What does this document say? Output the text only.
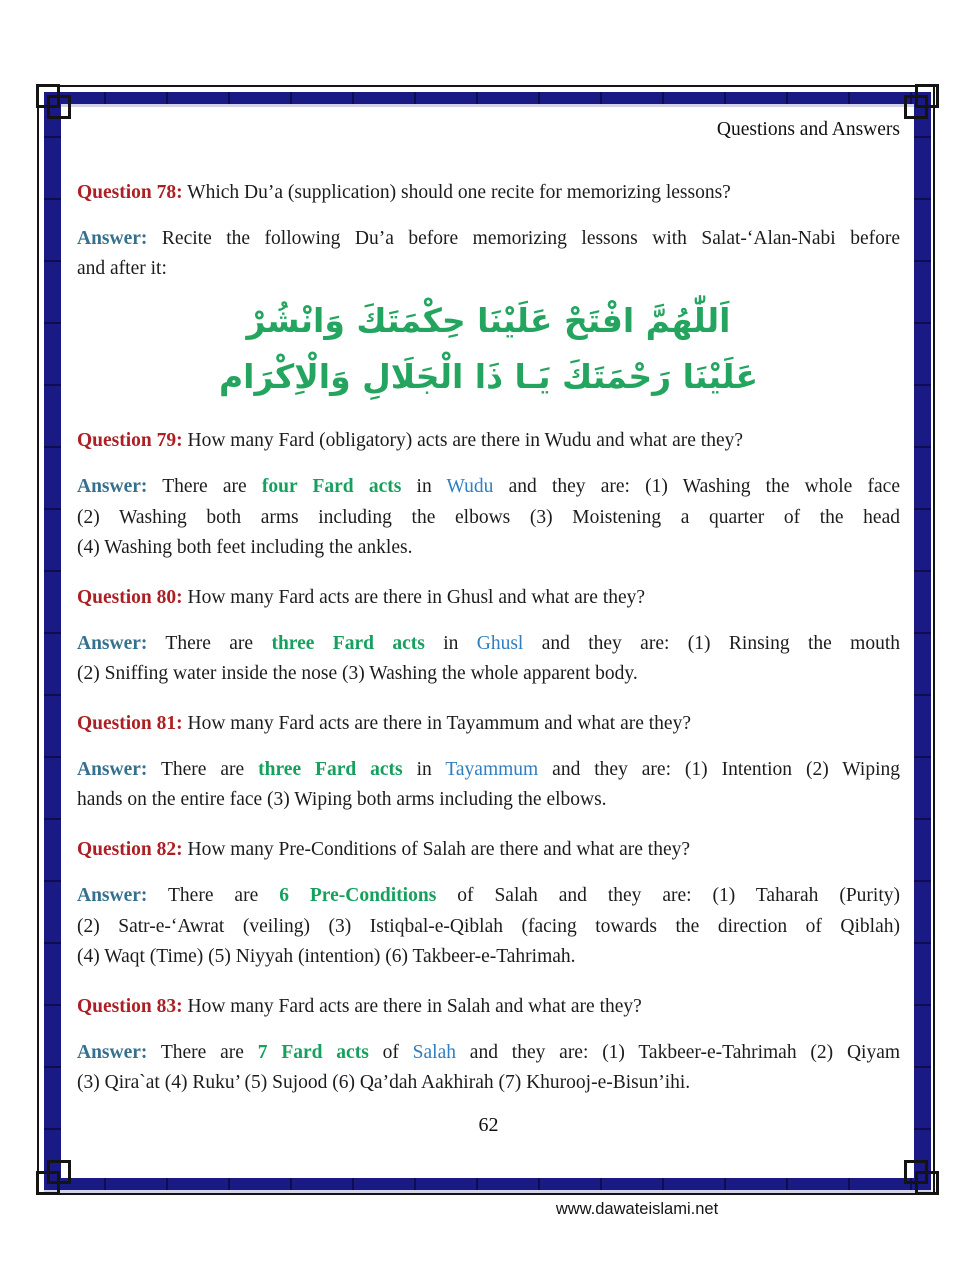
Questions and Answers
Question 78: Which Du’a (supplication) should one recite for memorizing lessons?
Answer: Recite the following Du’a before memorizing lessons with Salat-‘Alan-Nabi before
and after it:
اَللّٰهُمَّ افْتَحْ عَلَيْنَا حِكْمَتَكَ وَانْشُرْ
عَلَيْنَا رَحْمَتَكَ يَـا ذَا الْجَلَالِ وَالْاِكْرَام
Question 79: How many Fard (obligatory) acts are there in Wudu and what are they?
Answer: There are four Fard acts in Wudu and they are: (1) Washing the whole face
(2) Washing both arms including the elbows (3) Moistening a quarter of the head
(4) Washing both feet including the ankles.
Question 80: How many Fard acts are there in Ghusl and what are they?
Answer: There are three Fard acts in Ghusl and they are: (1) Rinsing the mouth
(2) Sniffing water inside the nose (3) Washing the whole apparent body.
Question 81: How many Fard acts are there in Tayammum and what are they?
Answer: There are three Fard acts in Tayammum and they are: (1) Intention (2) Wiping
hands on the entire face (3) Wiping both arms including the elbows.
Question 82: How many Pre-Conditions of Salah are there and what are they?
Answer: There are 6 Pre-Conditions of Salah and they are: (1) Taharah (Purity)
(2) Satr-e-‘Awrat (veiling) (3) Istiqbal-e-Qiblah (facing towards the direction of Qiblah)
(4) Waqt (Time) (5) Niyyah (intention) (6) Takbeer-e-Tahrimah.
Question 83: How many Fard acts are there in Salah and what are they?
Answer: There are 7 Fard acts of Salah and they are: (1) Takbeer-e-Tahrimah (2) Qiyam
(3) Qira`at (4) Ruku’ (5) Sujood (6) Qa’dah Aakhirah (7) Khurooj-e-Bisun’ihi.
62
www.dawateislami.net
